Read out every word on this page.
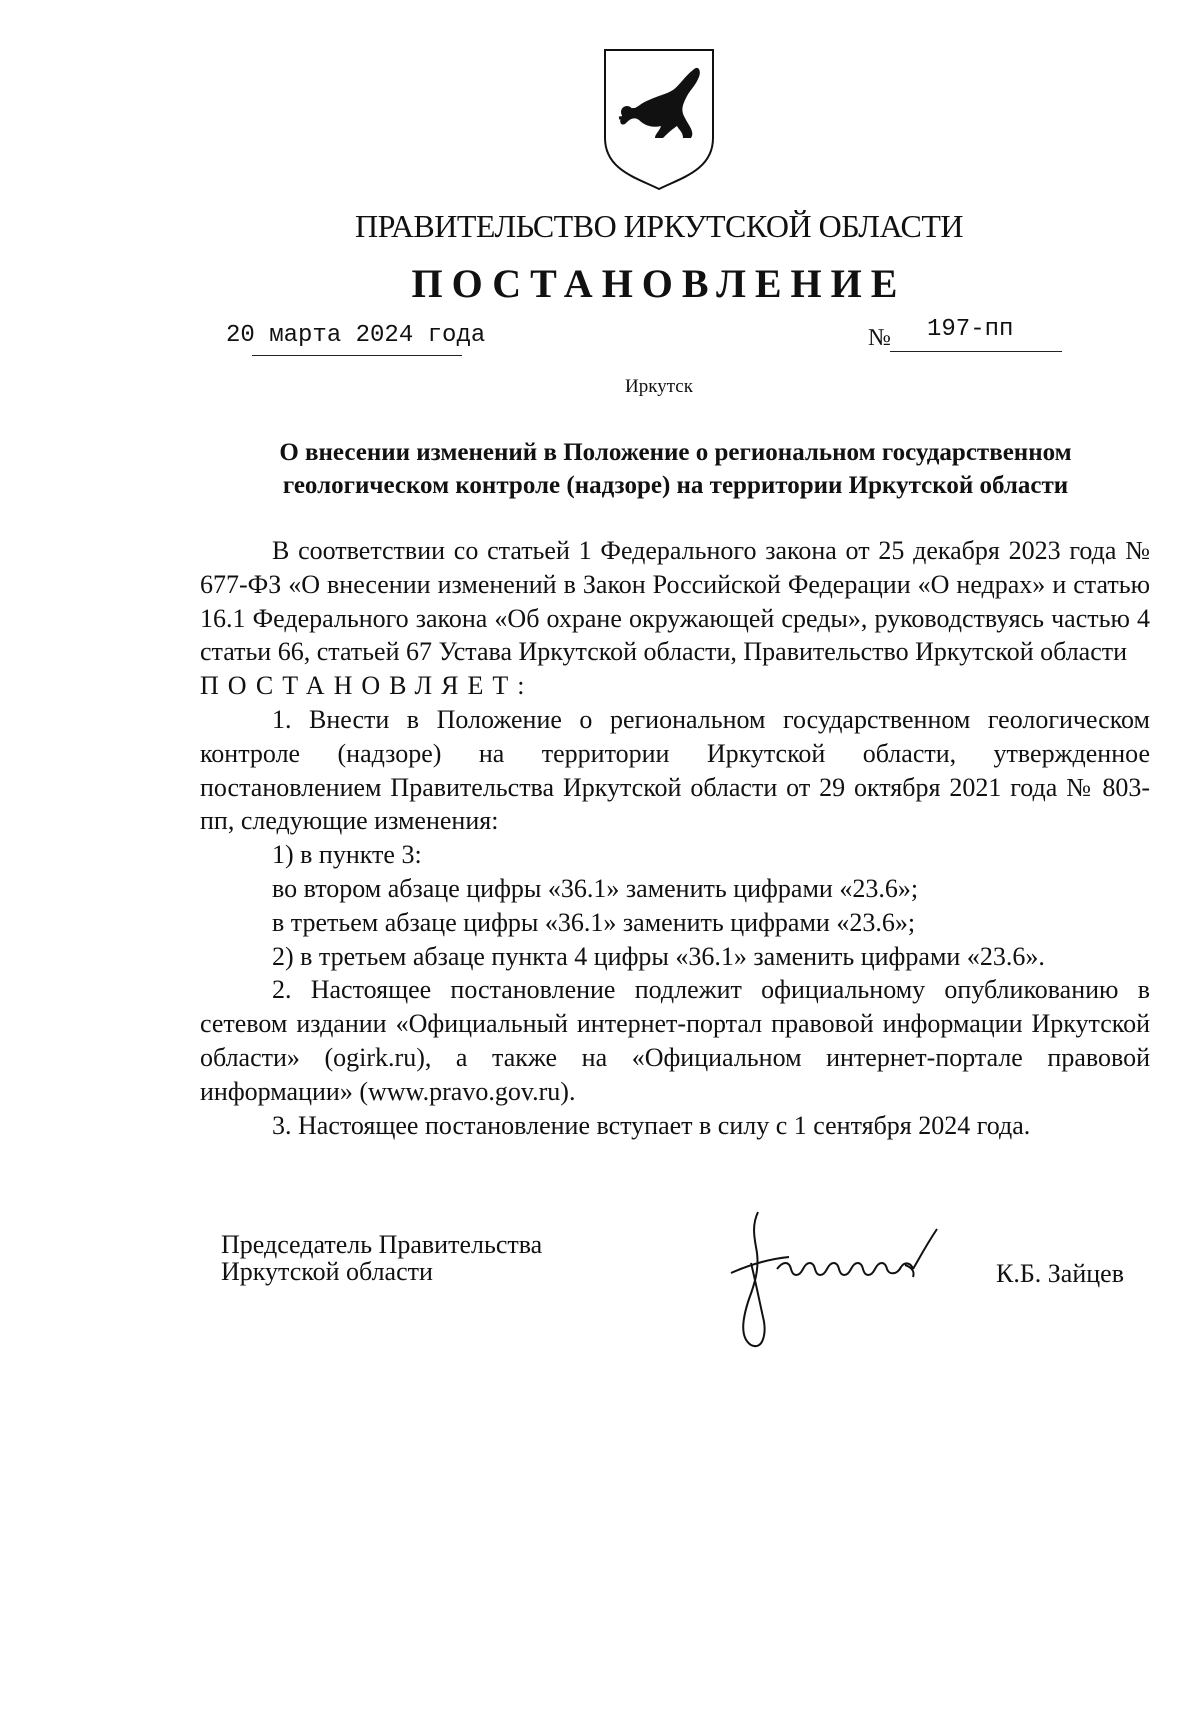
ПРАВИТЕЛЬСТВО ИРКУТСКОЙ ОБЛАСТИ
ПОСТАНОВЛЕНИЕ
20 марта 2024 года	№ 197-пп
Иркутск
О внесении изменений в Положение о региональном государственном геологическом контроле (надзоре) на территории Иркутской области

В соответствии со статьей 1 Федерального закона от 25 декабря 2023 года № 677-ФЗ «О внесении изменений в Закон Российской Федерации «О недрах» и статью 16.1 Федерального закона «Об охране окружающей среды», руководствуясь частью 4 статьи 66, статьей 67 Устава Иркутской области, Правительство Иркутской области

ПОСТАНОВЛЯЕТ:

1. Внести в Положение о региональном государственном геологическом контроле (надзоре) на территории Иркутской области, утвержденное постановлением Правительства Иркутской области от 29 октября 2021 года № 803-пп, следующие изменения:

1) в пункте 3:

во втором абзаце цифры «36.1» заменить цифрами «23.6»;

в третьем абзаце цифры «36.1» заменить цифрами «23.6»;

2) в третьем абзаце пункта 4 цифры «36.1» заменить цифрами «23.6».

2. Настоящее постановление подлежит официальному опубликованию в сетевом издании «Официальный интернет-портал правовой информации Иркутской области» (ogirk.ru), а также на «Официальном интернет-портале правовой информации» (www.pravo.gov.ru).

3. Настоящее постановление вступает в силу с 1 сентября 2024 года.

Председатель Правительства
Иркутской области	К.Б. Зайцев
